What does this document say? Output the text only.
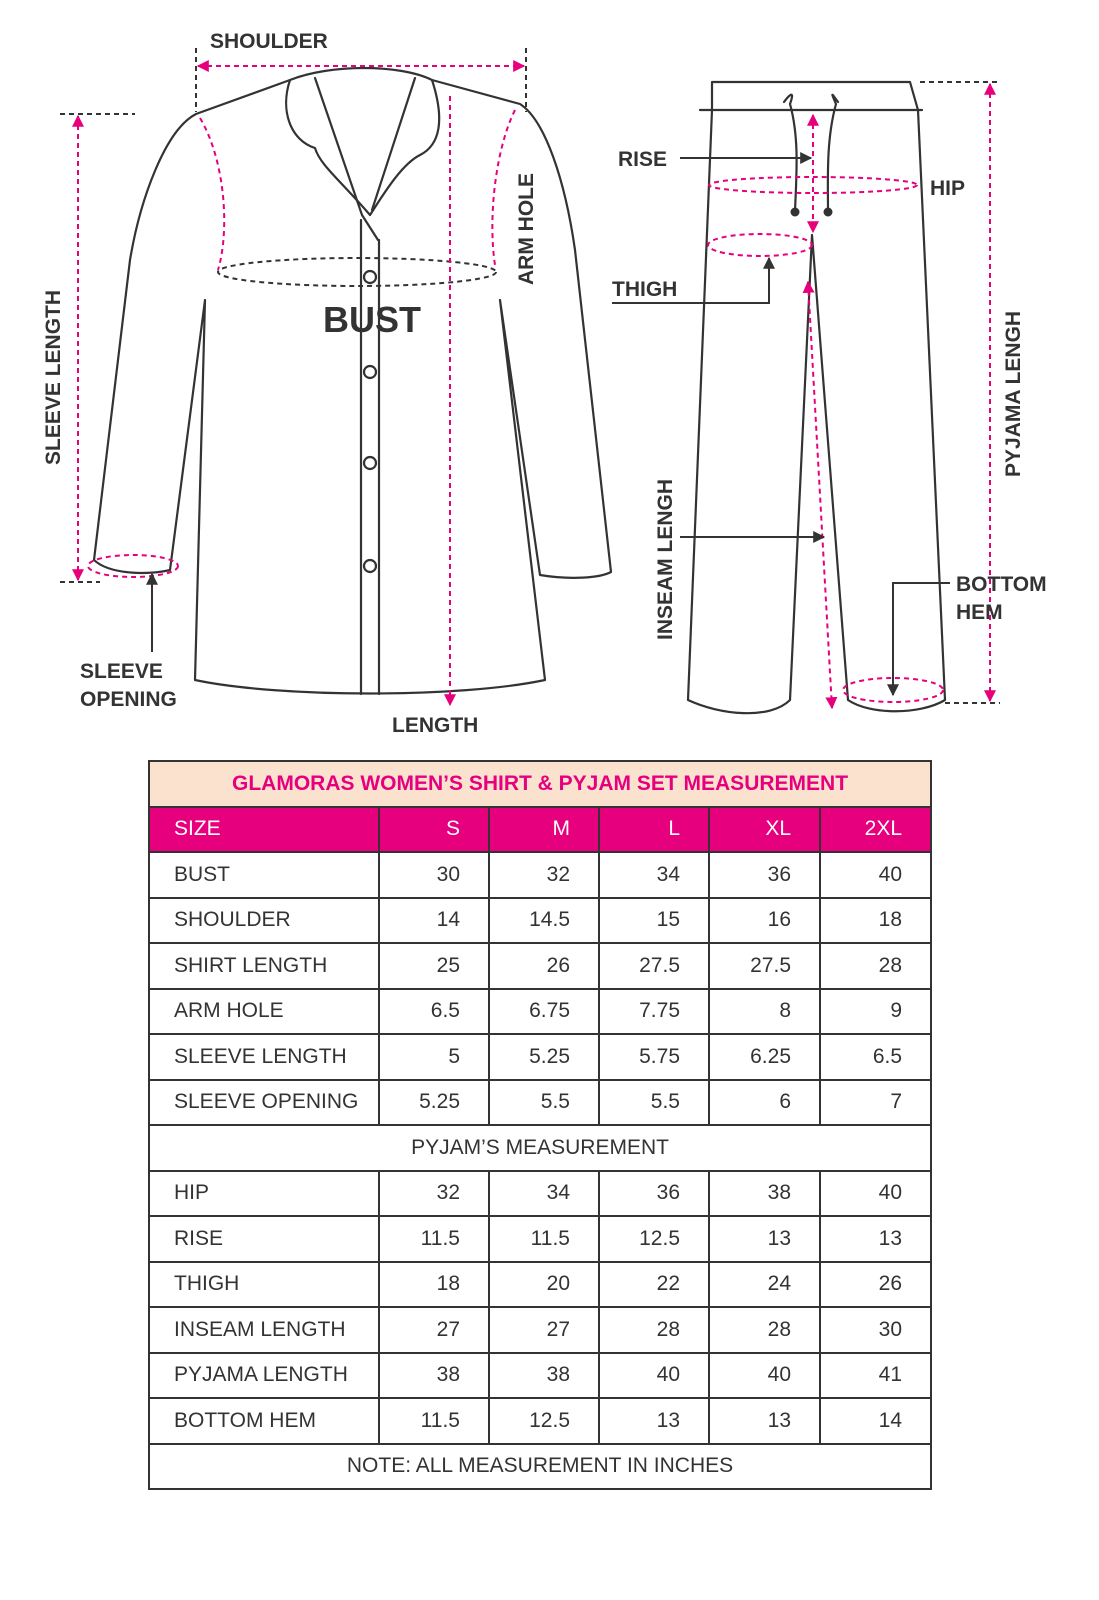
SHOULDER
SLEEVE LENGTH
ARM HOLE
BUST
LENGTH
SLEEVE
OPENING
RISE
HIP
THIGH
PYJAMA LENGH
INSEAM LENGH	BOTTOM
HEM
GLAMORAS WOMEN’S SHIRT & PYJAM SET MEASUREMENT					
SIZE	S	M	L	XL	2XL
BUST	30	32	34	36	40
SHOULDER	14	14.5	15	16	18
SHIRT LENGTH	25	26	27.5	27.5	28
ARM HOLE	6.5	6.75	7.75	8	9
SLEEVE LENGTH	5	5.25	5.75	6.25	6.5
SLEEVE OPENING	5.25	5.5	5.5	6	7
PYJAM’S MEASUREMENT					
HIP	32	34	36	38	40
RISE	11.5	11.5	12.5	13	13
THIGH	18	20	22	24	26
INSEAM LENGTH	27	27	28	28	30
PYJAMA LENGTH	38	38	40	40	41
BOTTOM HEM	11.5	12.5	13	13	14
NOTE: ALL MEASUREMENT IN INCHES					
